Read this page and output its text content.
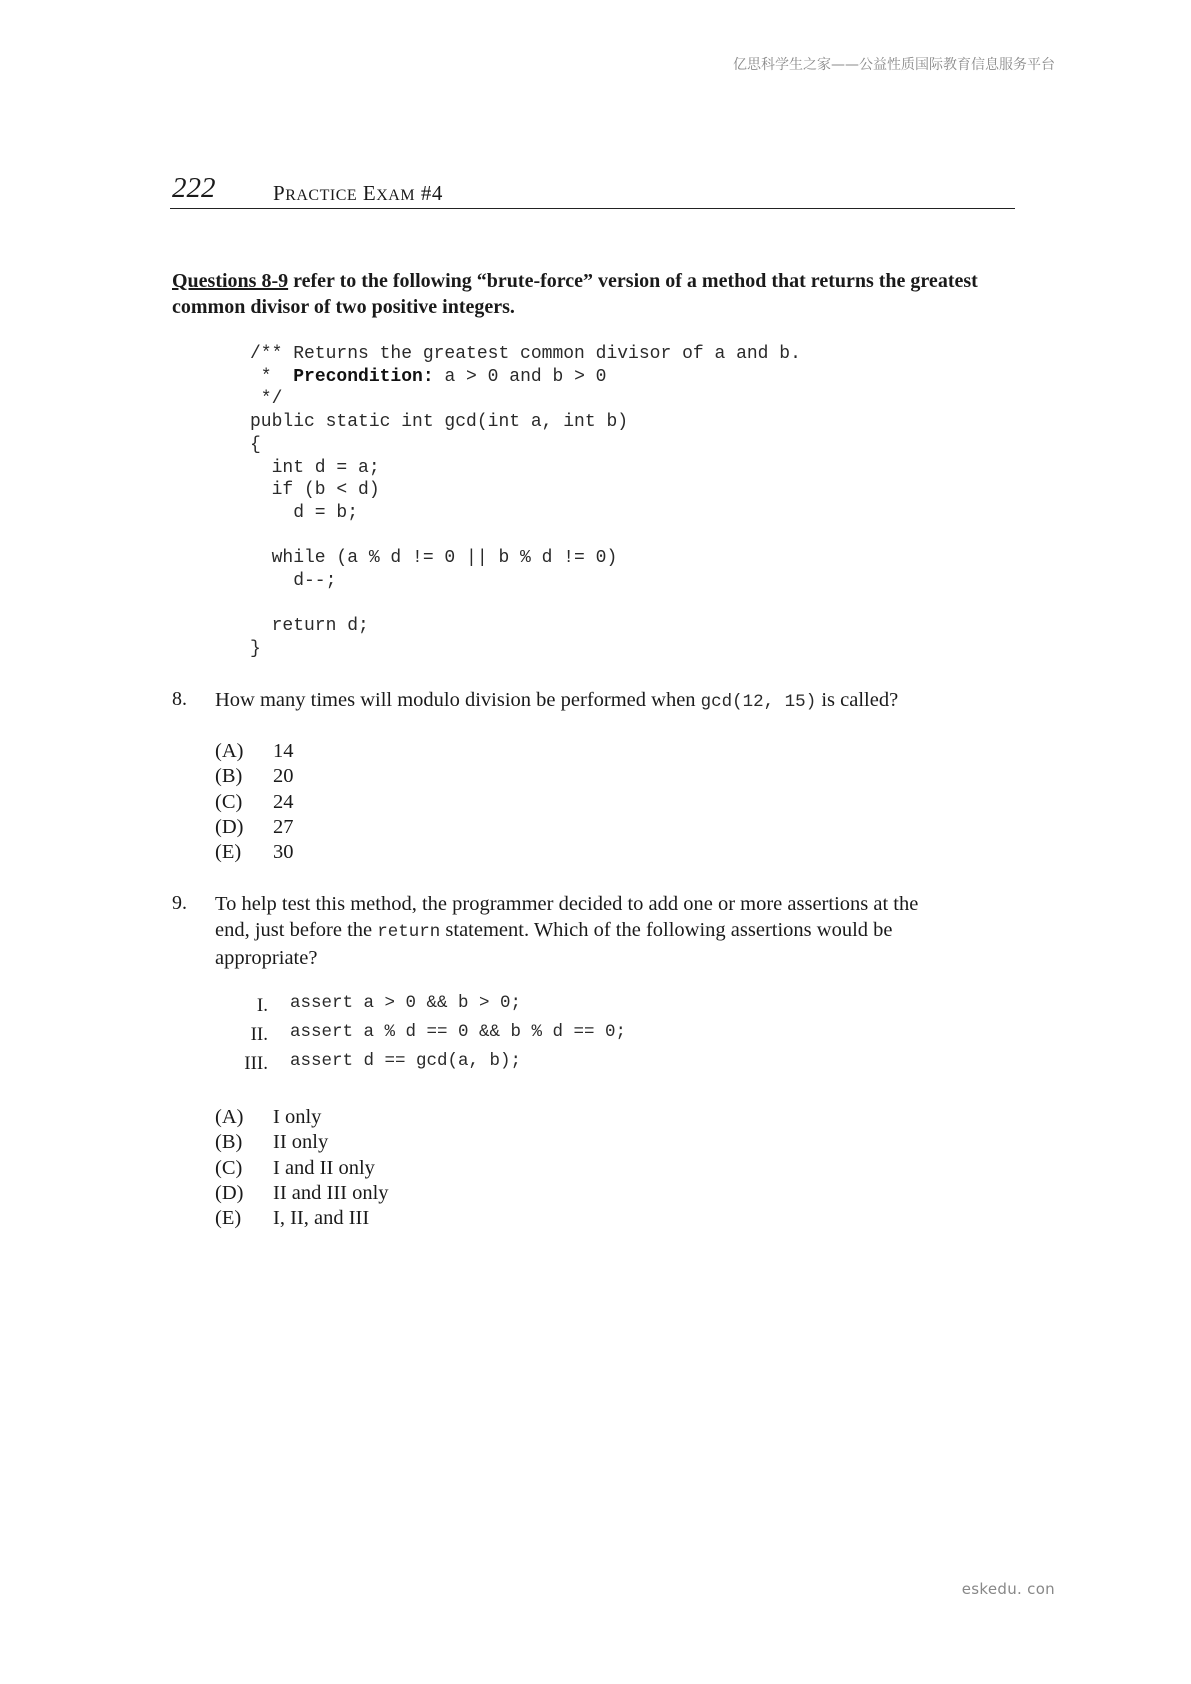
亿思科学生之家——公益性质国际教育信息服务平台
222	PRACTICE EXAM #4
Questions 8-9 refer to the following “brute-force” version of a method that returns the greatest common divisor of two positive integers.
/** Returns the greatest common divisor of a and b.
*  Precondition: a > 0 and b > 0
*/
public static int gcd(int a, int b)
{
int d = a;
if (b < d)
d = b;

while (a % d != 0 || b % d != 0)
d--;

return d;
}
8. How many times will modulo division be performed when gcd(12, 15) is called?
(A) 14
(B) 20
(C) 24
(D) 27
(E) 30
9. To help test this method, the programmer decided to add one or more assertions at the
end, just before the return statement. Which of the following assertions would be
appropriate?
I. assert a > 0 && b > 0;
II. assert a % d == 0 && b % d == 0;
III. assert d == gcd(a, b);
(A) I only
(B) II only
(C) I and II only
(D) II and III only
(E) I, II, and III
eskedu. con
